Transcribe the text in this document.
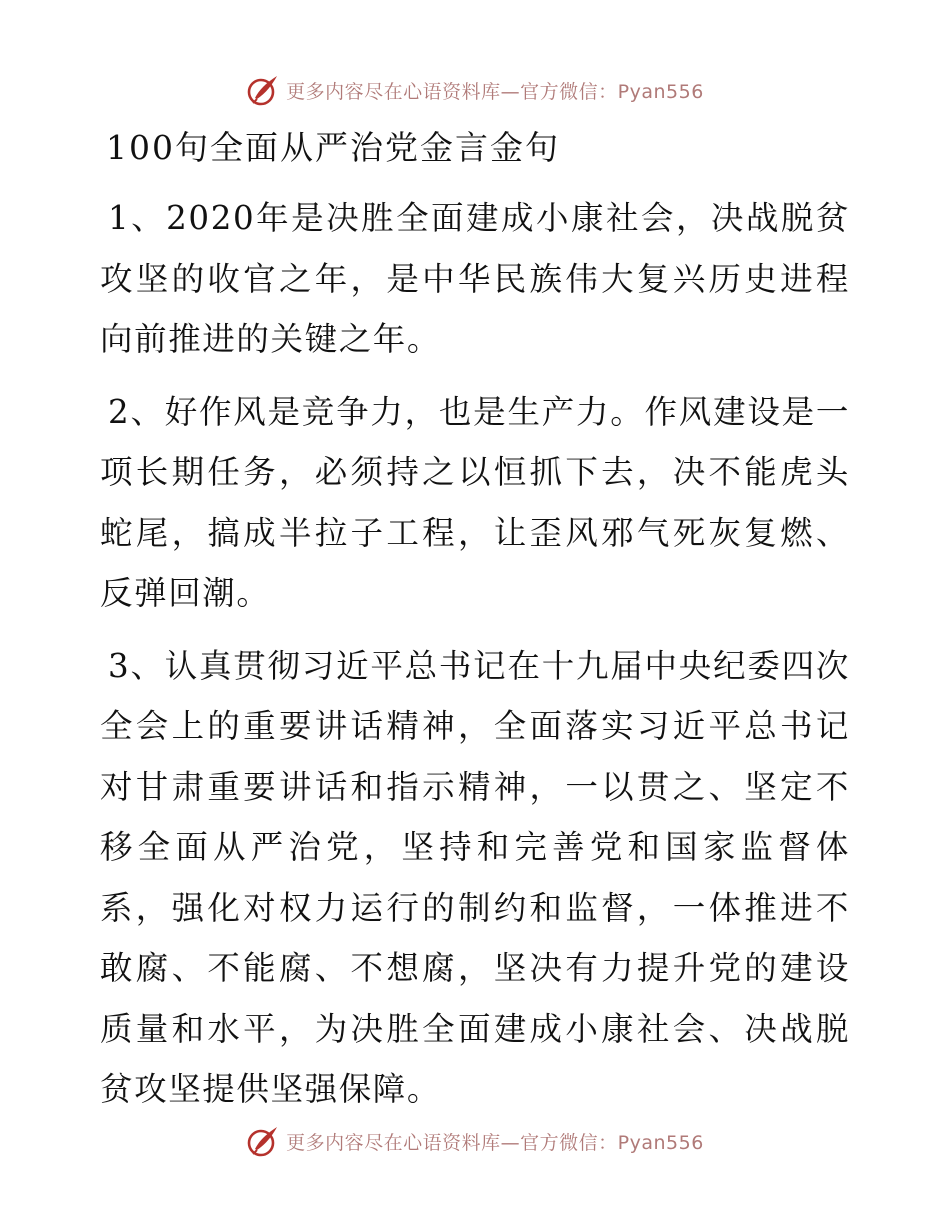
更多内容尽在心语资料库—官方微信：Pyan556
100句全面从严治党金言金句

1、2020年是决胜全面建成小康社会，决战脱贫攻坚的收官之年，是中华民族伟大复兴历史进程向前推进的关键之年。

2、好作风是竞争力，也是生产力。作风建设是一项长期任务，必须持之以恒抓下去，决不能虎头蛇尾，搞成半拉子工程，让歪风邪气死灰复燃、反弹回潮。

3、认真贯彻习近平总书记在十九届中央纪委四次全会上的重要讲话精神，全面落实习近平总书记对甘肃重要讲话和指示精神，一以贯之、坚定不移全面从严治党，坚持和完善党和国家监督体系，强化对权力运行的制约和监督，一体推进不敢腐、不能腐、不想腐，坚决有力提升党的建设质量和水平，为决胜全面建成小康社会、决战脱贫攻坚提供坚强保障。

更多内容尽在心语资料库—官方微信：Pyan556
